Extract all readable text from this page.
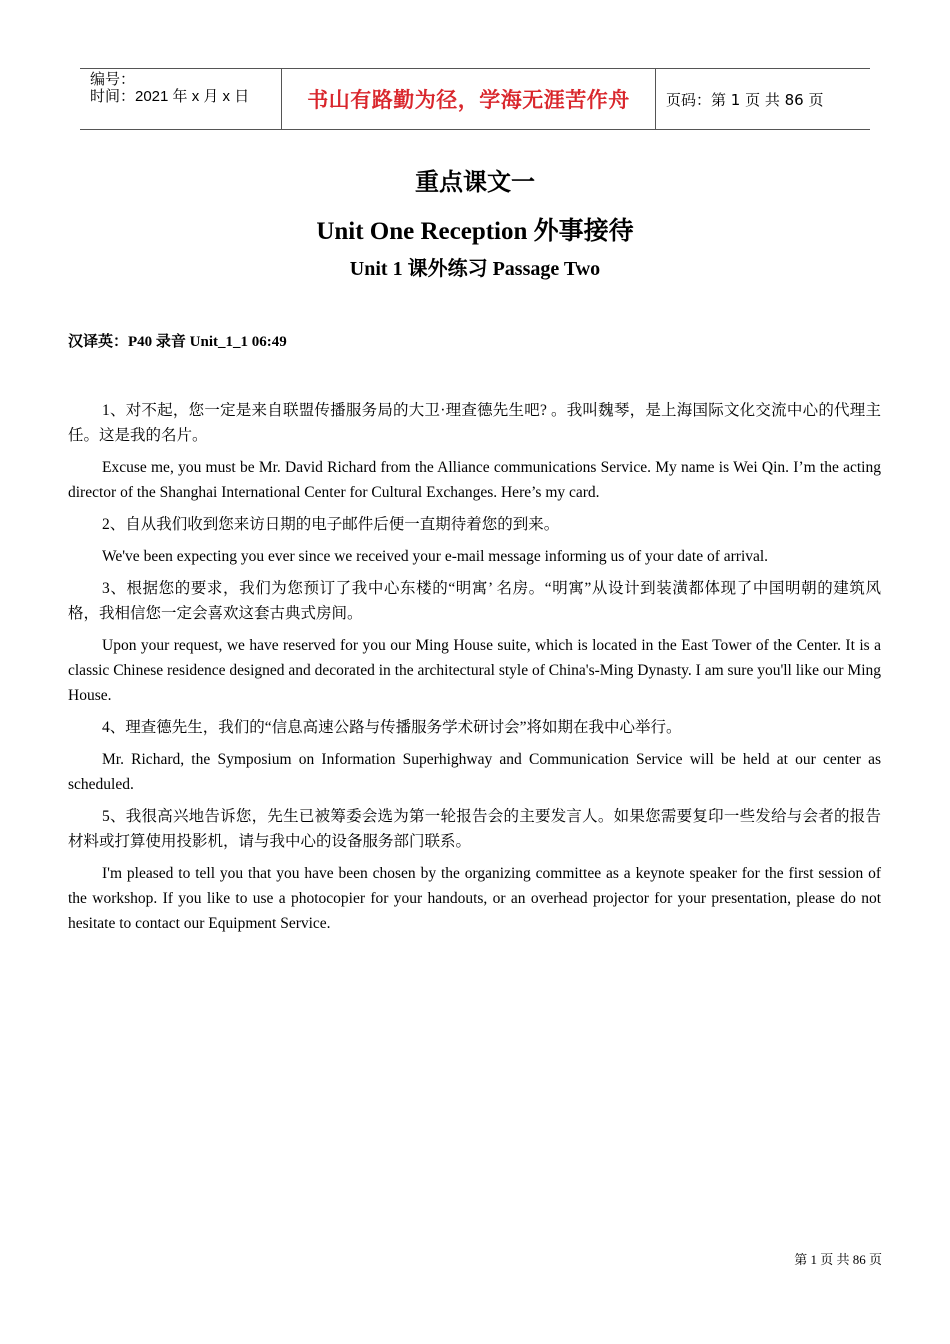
编号：
时间：2021 年 x 月 x 日	书山有路勤为径，学海无涯苦作舟	页码：第 1 页 共 86 页
重点课文一
Unit One Reception 外事接待
Unit 1 课外练习 Passage Two
汉译英：P40 录音 Unit_1_1 06:49

1、对不起，您一定是来自联盟传播服务局的大卫·理查德先生吧? 。我叫魏琴，是上海国际文化交流中心的代理主任。这是我的名片。

Excuse me, you must be Mr. David Richard from the Alliance communications Service. My name is Wei Qin. I’m the acting director of the Shanghai International Center for Cultural Exchanges. Here’s my card.

2、自从我们收到您来访日期的电子邮件后便一直期待着您的到来。

We've been expecting you ever since we received your e-mail message informing us of your date of arrival.

3、根据您的要求，我们为您预订了我中心东楼的“明寓’ 名房。“明寓”从设计到装潢都体现了中国明朝的建筑风格，我相信您一定会喜欢这套古典式房间。

Upon your request, we have reserved for you our Ming House suite, which is located in the East Tower of the Center. It is a classic Chinese residence designed and decorated in the architectural style of China's-Ming Dynasty. I am sure you'll like our Ming House.

4、理查德先生，我们的“信息高速公路与传播服务学术研讨会”将如期在我中心举行。

Mr. Richard, the Symposium on Information Superhighway and Communication Service will be held at our center as scheduled.

5、我很高兴地告诉您，先生已被筹委会选为第一轮报告会的主要发言人。如果您需要复印一些发给与会者的报告材料或打算使用投影机，请与我中心的设备服务部门联系。

I'm pleased to tell you that you have been chosen by the organizing committee as a keynote speaker for the first session of the workshop. If you like to use a photocopier for your handouts, or an overhead projector for your presentation, please do not hesitate to contact our Equipment Service.

第 1 页 共 86 页
